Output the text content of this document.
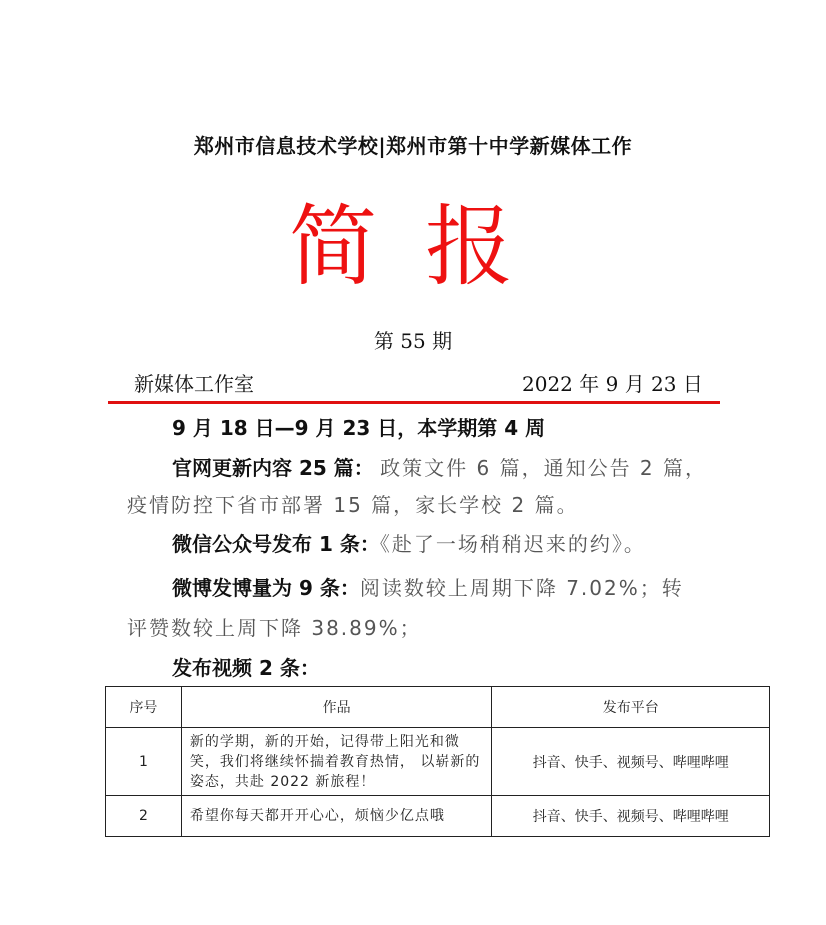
郑州市信息技术学校|郑州市第十中学新媒体工作
简报
第 55 期
新媒体工作室	2022 年 9 月 23 日
9 月 18 日—9 月 23 日，本学期第 4 周
官网更新内容 25 篇： 政策文件 6 篇，通知公告 2 篇，
疫情防控下省市部署 15 篇，家长学校 2 篇。
微信公众号发布 1 条：《赴了一场稍稍迟来的约》。
微博发博量为 9 条：阅读数较上周期下降 7.02%；转
评赞数较上周下降 38.89%；
发布视频 2 条：
序号	作品	发布平台
1	新的学期，新的开始，记得带上阳光和微笑，我们将继续怀揣着教育热情， 以崭新的姿态，共赴 2022 新旅程！	抖音、快手、视频号、哔哩哔哩
2	希望你每天都开开心心，烦恼少亿点哦	抖音、快手、视频号、哔哩哔哩
